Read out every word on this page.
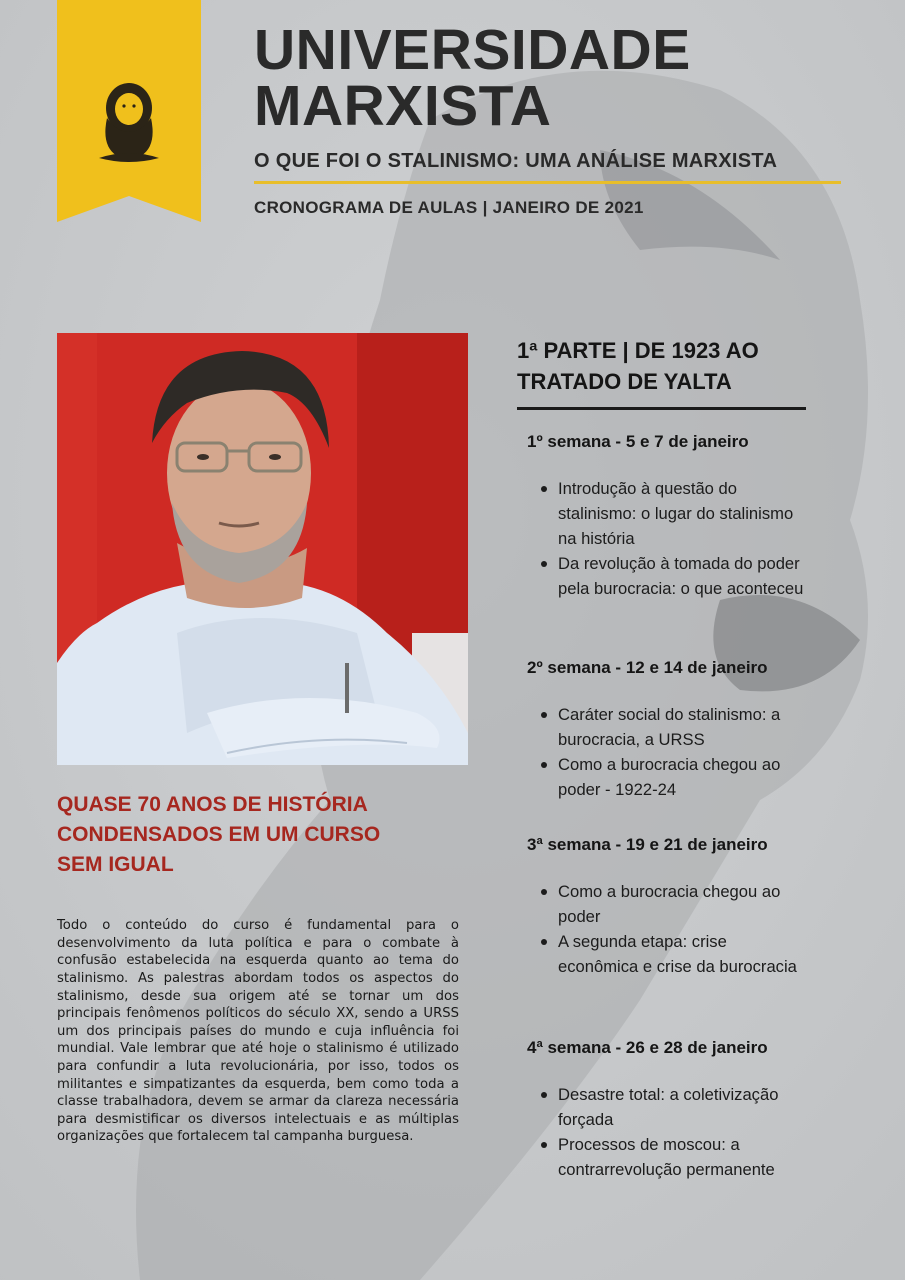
UNIVERSIDADE
MARXISTA
O QUE FOI O STALINISMO: UMA ANÁLISE MARXISTA
CRONOGRAMA DE AULAS | JANEIRO DE 2021
QUASE 70 ANOS DE HISTÓRIA
CONDENSADOS EM UM CURSO
SEM IGUAL

Todo o conteúdo do curso é fundamental para o desenvolvimento da luta política e para o combate à confusão estabelecida na esquerda quanto ao tema do stalinismo. As palestras abordam todos os aspectos do stalinismo, desde sua origem até se tornar um dos principais fenômenos políticos do século XX, sendo a URSS um dos principais países do mundo e cuja influência foi mundial. Vale lembrar que até hoje o stalinismo é utilizado para confundir a luta revolucionária, por isso, todos os militantes e simpatizantes da esquerda, bem como toda a classe trabalhadora, devem se armar da clareza necessária para desmistificar os diversos intelectuais e as múltiplas organizações que fortalecem tal campanha burguesa.

1ª PARTE | DE 1923 AO
TRATADO DE YALTA
1º semana - 5 e 7 de janeiro
Introdução à questão do stalinismo: o lugar do stalinismo na história
Da revolução à tomada do poder pela burocracia: o que aconteceu
2º semana - 12 e 14 de janeiro
Caráter social do stalinismo: a burocracia, a URSS
Como a burocracia chegou ao poder - 1922-24
3ª semana - 19 e 21 de janeiro
Como a burocracia chegou ao poder
A segunda etapa: crise econômica e crise da burocracia
4ª semana - 26 e 28 de janeiro
Desastre total: a coletivização forçada
Processos de moscou: a contrarrevolução permanente
